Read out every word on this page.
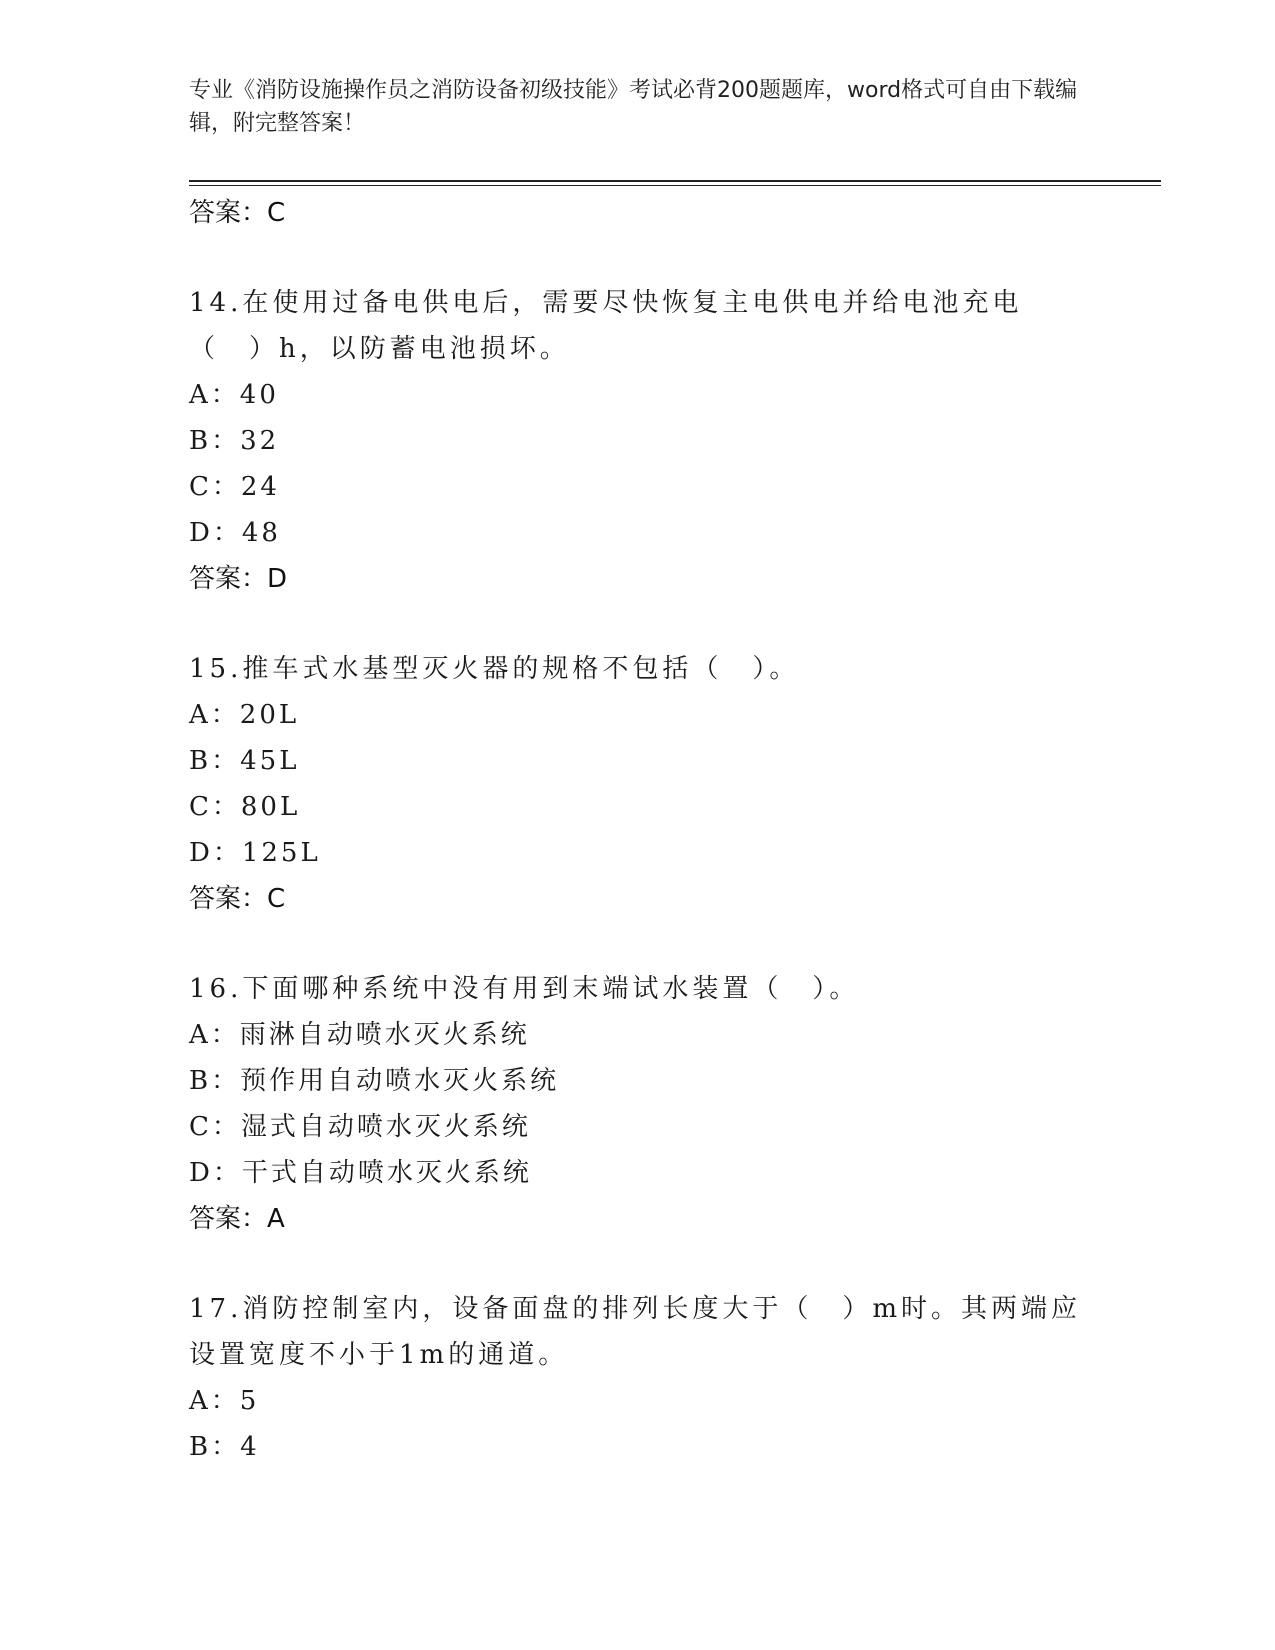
专业《消防设施操作员之消防设备初级技能》考试必背200题题库，word格式可自由下载编辑，附完整答案！
答案：C
14.在使用过备电供电后，需要尽快恢复主电供电并给电池充电（　）h，以防蓄电池损坏。
A：40
B：32
C：24
D：48
答案：D
15.推车式水基型灭火器的规格不包括（　）。
A：20L
B：45L
C：80L
D：125L
答案：C
16.下面哪种系统中没有用到末端试水装置（　）。
A：雨淋自动喷水灭火系统
B：预作用自动喷水灭火系统
C：湿式自动喷水灭火系统
D：干式自动喷水灭火系统
答案：A
17.消防控制室内，设备面盘的排列长度大于（　）m时。其两端应设置宽度不小于1m的通道。
A：5
B：4
